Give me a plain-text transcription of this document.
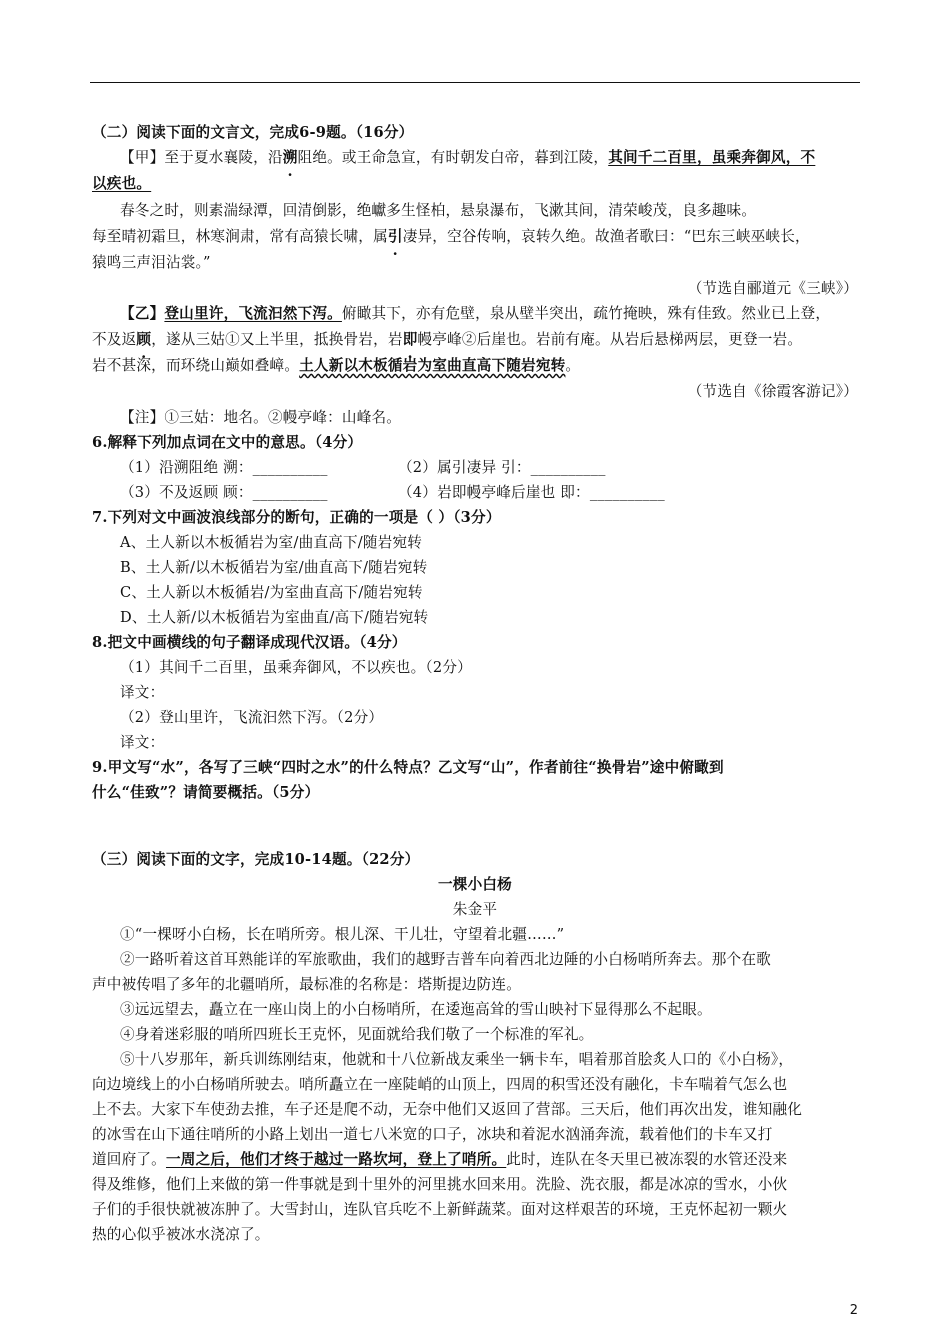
（二）阅读下面的文言文，完成6-9题。（16分）
【甲】至于夏水襄陵，沿溯阻绝。或王命急宣，有时朝发白帝，暮到江陵，其间千二百里，虽乘奔御风，不
以疾也。
春冬之时，则素湍绿潭，回清倒影，绝巘多生怪柏，悬泉瀑布，飞漱其间，清荣峻茂，良多趣味。
每至晴初霜旦，林寒涧肃，常有高猿长啸，属引凄异，空谷传响，哀转久绝。故渔者歌曰：“巴东三峡巫峡长，
猿鸣三声泪沾裳。”
（节选自郦道元《三峡》）
【乙】登山里许，飞流汩然下泻。俯瞰其下，亦有危壁，泉从壁半突出，疏竹掩映，殊有佳致。然业已上登，
不及返顾，遂从三姑①又上半里，抵换骨岩，岩即幔亭峰②后崖也。岩前有庵。从岩后悬梯两层，更登一岩。
岩不甚深，而环绕山巅如叠嶂。土人新以木板循岩为室曲直高下随岩宛转。
（节选自《徐霞客游记》）
【注】①三姑：地名。②幔亭峰：山峰名。
6.解释下列加点词在文中的意思。（4分）
（1）沿溯阻绝 溯：__________	（2）属引凄异 引：__________
（3）不及返顾 顾：__________	（4）岩即幔亭峰后崖也 即：__________
7.下列对文中画波浪线部分的断句，正确的一项是（ ）（3分）
A、土人新以木板循岩为室/曲直高下/随岩宛转
B、土人新/以木板循岩为室/曲直高下/随岩宛转
C、土人新以木板循岩/为室曲直高下/随岩宛转
D、土人新/以木板循岩为室曲直/高下/随岩宛转
8.把文中画横线的句子翻译成现代汉语。（4分）
（1）其间千二百里，虽乘奔御风，不以疾也。（2分）
译文：
（2）登山里许，飞流汩然下泻。（2分）
译文：
9.甲文写“水”，各写了三峡“四时之水”的什么特点？乙文写“山”，作者前往“换骨岩”途中俯瞰到
什么“佳致”？请简要概括。（5分）
（三）阅读下面的文字，完成10-14题。（22分）
一棵小白杨
朱金平
①“一棵呀小白杨，长在哨所旁。根儿深、干儿壮，守望着北疆……”
②一路听着这首耳熟能详的军旅歌曲，我们的越野吉普车向着西北边陲的小白杨哨所奔去。那个在歌
声中被传唱了多年的北疆哨所，最标准的名称是：塔斯提边防连。
③远远望去，矗立在一座山岗上的小白杨哨所，在逶迤高耸的雪山映衬下显得那么不起眼。
④身着迷彩服的哨所四班长王克怀，见面就给我们敬了一个标准的军礼。
⑤十八岁那年，新兵训练刚结束，他就和十八位新战友乘坐一辆卡车，唱着那首脍炙人口的《小白杨》，
向边境线上的小白杨哨所驶去。哨所矗立在一座陡峭的山顶上，四周的积雪还没有融化，卡车喘着气怎么也
上不去。大家下车使劲去推，车子还是爬不动，无奈中他们又返回了营部。三天后，他们再次出发，谁知融化
的冰雪在山下通往哨所的小路上划出一道七八米宽的口子，冰块和着泥水汹涌奔流，载着他们的卡车又打
道回府了。一周之后，他们才终于越过一路坎坷，登上了哨所。此时，连队在冬天里已被冻裂的水管还没来
得及维修，他们上来做的第一件事就是到十里外的河里挑水回来用。洗脸、洗衣服，都是冰凉的雪水，小伙
子们的手很快就被冻肿了。大雪封山，连队官兵吃不上新鲜蔬菜。面对这样艰苦的环境，王克怀起初一颗火
热的心似乎被冰水浇凉了。
2
